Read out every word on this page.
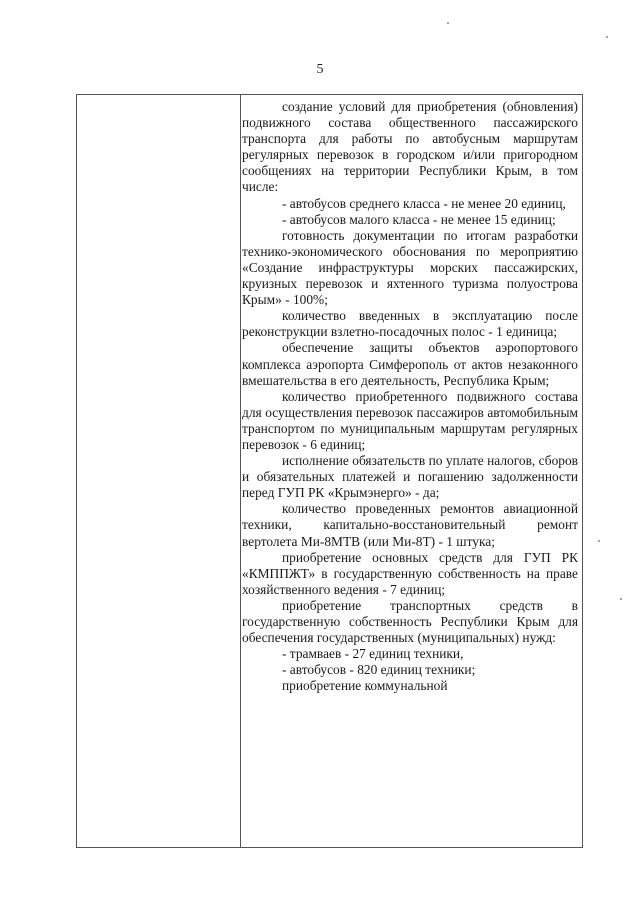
5

создание условий для приобретения (обновления) подвижного состава общественного пассажирского транспорта для работы по автобусным маршрутам регулярных перевозок в городском и/или пригородном сообщениях на территории Республики Крым, в том числе:

- автобусов среднего класса - не менее 20 единиц,

- автобусов малого класса - не менее 15 единиц;

готовность документации по итогам разработки технико-экономического обоснования по мероприятию «Создание инфраструктуры морских пассажирских, круизных перевозок и яхтенного туризма полуострова Крым» - 100%;

количество введенных в эксплуатацию после реконструкции взлетно-посадочных полос - 1 единица;

обеспечение защиты объектов аэропортового комплекса аэропорта Симферополь от актов незаконного вмешательства в его деятельность, Республика Крым;

количество приобретенного подвижного состава для осуществления перевозок пассажиров автомобильным транспортом по муниципальным маршрутам регулярных перевозок - 6 единиц;

исполнение обязательств по уплате налогов, сборов и обязательных платежей и погашению задолженности перед ГУП РК «Крымэнерго» - да;

количество проведенных ремонтов авиационной техники, капитально-восстановительный ремонт вертолета Ми-8МТВ (или Ми-8Т) - 1 штука;

приобретение основных средств для ГУП РК «КМППЖТ» в государственную собственность на праве хозяйственного ведения - 7 единиц;

приобретение транспортных средств в государственную собственность Республики Крым для обеспечения государственных (муниципальных) нужд:

- трамваев - 27 единиц техники,

- автобусов - 820 единиц техники;

приобретение коммунальной
